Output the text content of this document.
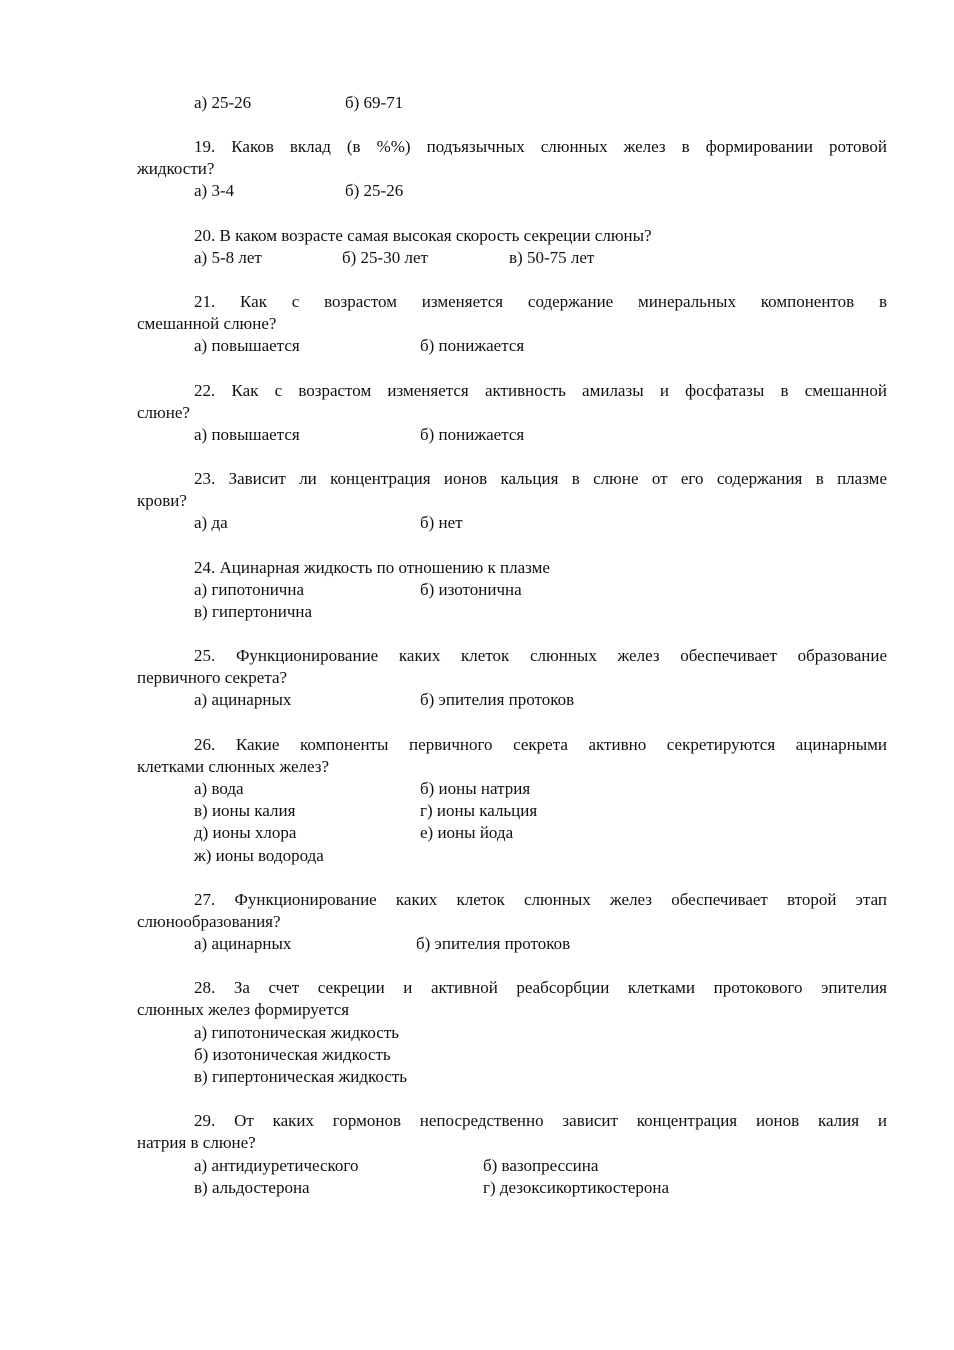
а) 25-26	б) 69-71
19. Каков вклад (в %%) подъязычных слюнных желез в формировании ротовой
жидкости?
а) 3-4	б) 25-26
20. В каком возрасте самая высокая скорость секреции слюны?
а) 5-8 лет	б) 25-30 лет	в) 50-75 лет
21. Как с возрастом изменяется содержание минеральных компонентов в
смешанной слюне?
а) повышается	б) понижается
22. Как с возрастом изменяется активность амилазы и фосфатазы в смешанной
слюне?
а) повышается	б) понижается
23. Зависит ли концентрация ионов кальция в слюне от его содержания в плазме
крови?
а) да	б) нет
24. Ацинарная жидкость по отношению к плазме
а) гипотонична	б) изотонична
в) гипертонична
25. Функционирование каких клеток слюнных желез обеспечивает образование
первичного секрета?
а) ацинарных	б) эпителия протоков
26. Какие компоненты первичного секрета активно секретируются ацинарными
клетками слюнных желез?
а) вода	б) ионы натрия
в) ионы калия	г) ионы кальция
д) ионы хлора	е) ионы йода
ж) ионы водорода
27. Функционирование каких клеток слюнных желез обеспечивает второй этап
слюнообразования?
а) ацинарных	б) эпителия протоков
28. За счет секреции и активной реабсорбции клетками протокового эпителия
слюнных желез формируется
а) гипотоническая жидкость
б) изотоническая жидкость
в) гипертоническая жидкость
29. От каких гормонов непосредственно зависит концентрация ионов калия и
натрия в слюне?
а) антидиуретического	б) вазопрессина
в) альдостерона	г) дезоксикортикостерона
